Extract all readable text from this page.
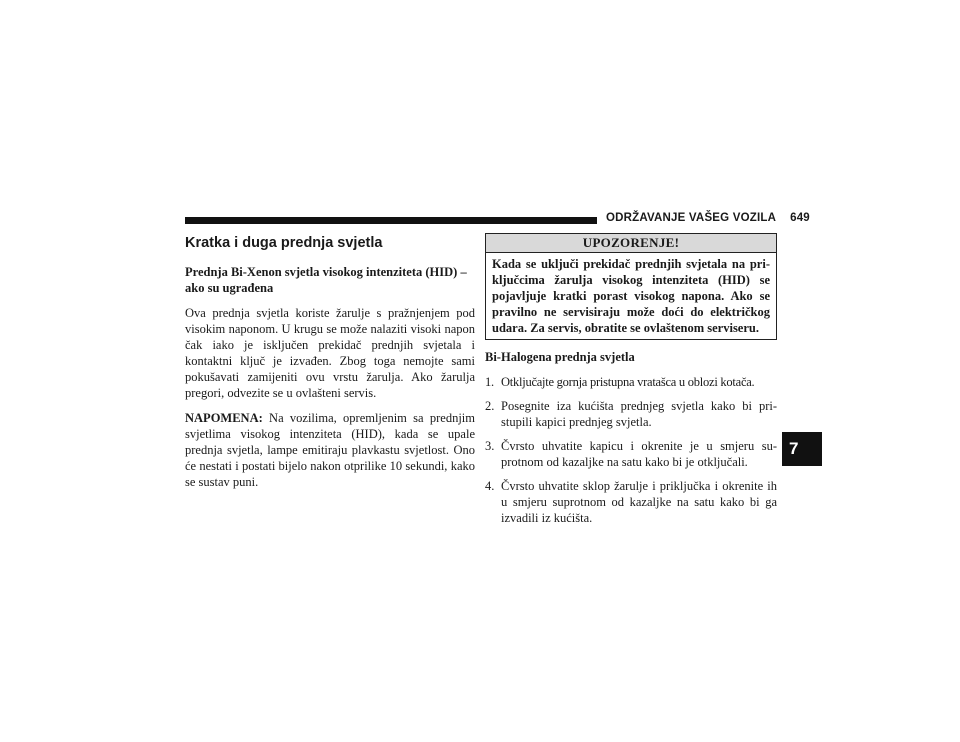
ODRŽAVANJE VAŠEG VOZILA 649
Kratka i duga prednja svjetla
Prednja Bi-Xenon svjetla visokog intenziteta (HID) – ako su ugrađena
Ova prednja svjetla koriste žarulje s pražnjenjem pod visokim naponom. U krugu se može nalaziti visoki napon čak iako je isključen prekidač prednjih svjetala i kontaktni ključ je izvađen. Zbog toga nemojte sami pokušavati zamijeniti ovu vrstu žarulja. Ako žarulja pregori, odvezite se u ovlašteni servis.
NAPOMENA: Na vozilima, opremljenim sa prednjim svjetlima visokog intenziteta (HID), kada se upale prednja svjetla, lampe emitiraju plavkastu svjetlost. Ono će nestati i postati bijelo nakon otprilike 10 sekundi, kako se sustav puni.
UPOZORENJE!
Kada se uključi prekidač prednjih svjetala na pri-ključcima žarulja visokog intenziteta (HID) se pojavljuje kratki porast visokog napona. Ako se pravilno ne servisiraju može doći do električkog udara. Za servis, obratite se ovlaštenom serviseru.
Bi-Halogena prednja svjetla
1. Otključajte gornja pristupna vratašca u oblozi kotača.
2. Posegnite iza kućišta prednjeg svjetla kako bi pri-stupili kapici prednjeg svjetla.
3. Čvrsto uhvatite kapicu i okrenite je u smjeru su-protnom od kazaljke na satu kako bi je otključali.
4. Čvrsto uhvatite sklop žarulje i priključka i okrenite ih u smjeru suprotnom od kazaljke na satu kako bi ga izvadili iz kućišta.
7
